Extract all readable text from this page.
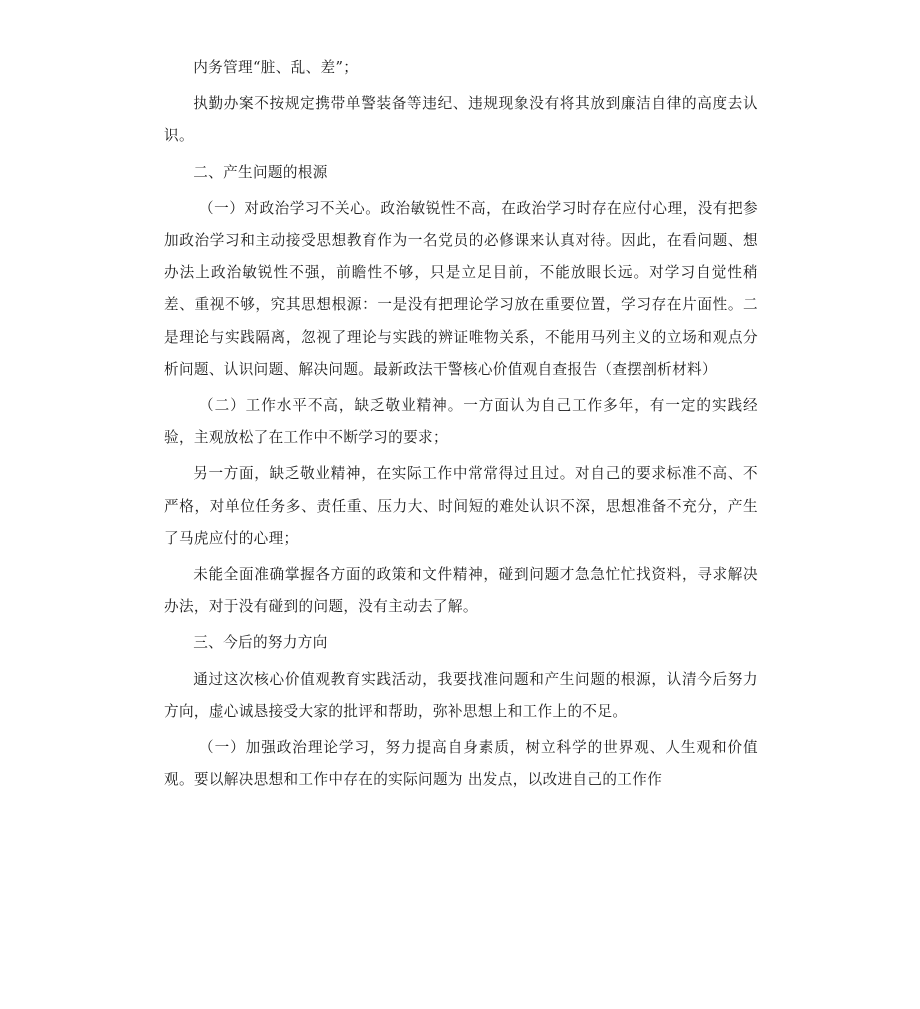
内务管理“脏、乱、差”；

执勤办案不按规定携带单警装备等违纪、违规现象没有将其放到廉洁自律的高度去认识。

二、产生问题的根源

（一）对政治学习不关心。政治敏锐性不高，在政治学习时存在应付心理，没有把参加政治学习和主动接受思想教育作为一名党员的必修课来认真对待。因此，在看问题、想办法上政治敏锐性不强，前瞻性不够，只是立足目前，不能放眼长远。对学习自觉性稍差、重视不够，究其思想根源：一是没有把理论学习放在重要位置，学习存在片面性。二是理论与实践隔离，忽视了理论与实践的辨证唯物关系，不能用马列主义的立场和观点分析问题、认识问题、解决问题。最新政法干警核心价值观自查报告（查摆剖析材料）

（二）工作水平不高，缺乏敬业精神。一方面认为自己工作多年，有一定的实践经验，主观放松了在工作中不断学习的要求；

另一方面，缺乏敬业精神，在实际工作中常常得过且过。对自己的要求标准不高、不严格，对单位任务多、责任重、压力大、时间短的难处认识不深，思想准备不充分，产生了马虎应付的心理；

未能全面准确掌握各方面的政策和文件精神，碰到问题才急急忙忙找资料，寻求解决办法，对于没有碰到的问题，没有主动去了解。

三、今后的努力方向

通过这次核心价值观教育实践活动，我要找准问题和产生问题的根源，认清今后努力方向，虚心诚恳接受大家的批评和帮助，弥补思想上和工作上的不足。

（一）加强政治理论学习，努力提高自身素质，树立科学的世界观、人生观和价值观。要以解决思想和工作中存在的实际问题为 出发点，以改进自己的工作作
